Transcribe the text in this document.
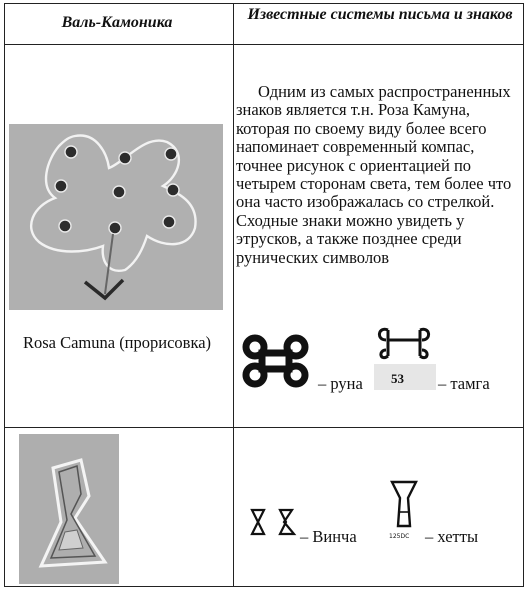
Валь-Камоника	Известные системы письма и знаков
Rosa Camuna (прорисовка)
Одним из самых распространенных знаков является т.н. Роза Камуна, которая по своему виду более всего напоминает современный компас, точнее рисунок с ориентацией по четырем сторонам света, тем более что она часто изображалась со стрелкой. Сходные знаки можно увидеть у этрусков, а также позднее среди рунических символов
– руна 53 – тамга
– Винча	125DC – хетты
